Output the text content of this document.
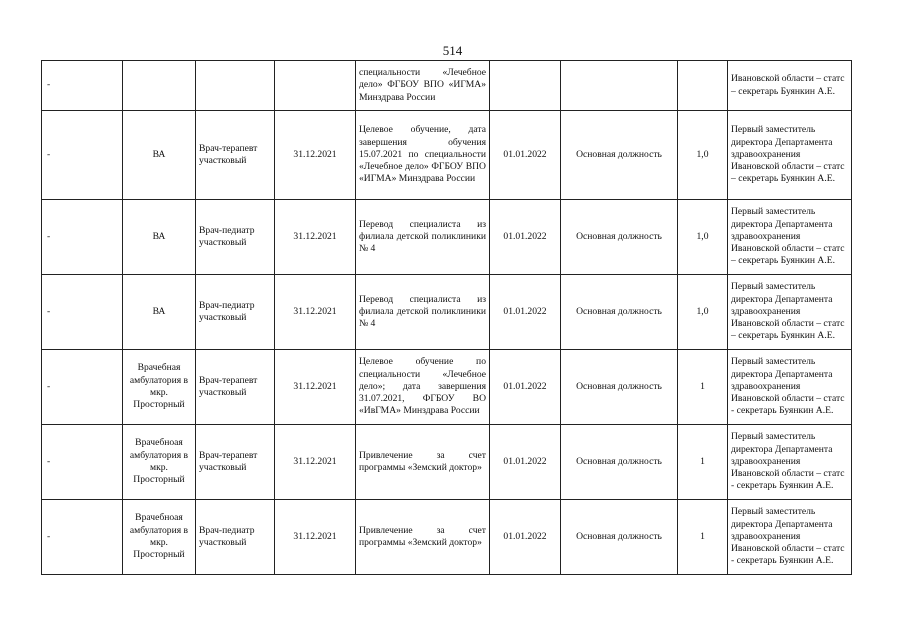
514
-				специальности «Лечебное дело» ФГБОУ ВПО «ИГМА» Минздрава России				Ивановской области – статс – секретарь Буянкин А.Е.

-	ВА	Врач-терапевт участковый	31.12.2021	Целевое обучение, дата завершения обучения 15.07.2021 по специальности «Лечебное дело» ФГБОУ ВПО «ИГМА» Минздрава России	01.01.2022	Основная должность	1,0	Первый заместитель директора Департамента здравоохранения Ивановской области – статс – секретарь Буянкин А.Е.

-	ВА	Врач-педиатр участковый	31.12.2021	Перевод специалиста из филиала детской поликлиники № 4	01.01.2022	Основная должность	1,0	Первый заместитель директора Департамента здравоохранения Ивановской области – статс – секретарь Буянкин А.Е.

-	ВА	Врач-педиатр участковый	31.12.2021	Перевод специалиста из филиала детской поликлиники № 4	01.01.2022	Основная должность	1,0	Первый заместитель директора Департамента здравоохранения Ивановской области – статс – секретарь Буянкин А.Е.

-	Врачебная амбулатория в мкр. Просторный	Врач-терапевт участковый	31.12.2021	Целевое обучение по специальности «Лечебное дело»; дата завершения 31.07.2021, ФГБОУ ВО «ИвГМА» Минздрава России	01.01.2022	Основная должность	1	Первый заместитель директора Департамента здравоохранения Ивановской области – статс - секретарь Буянкин А.Е.

-	Врачебноая амбулатория в мкр. Просторный	Врач-терапевт участковый	31.12.2021	Привлечение за счет программы «Земский доктор»	01.01.2022	Основная должность	1	Первый заместитель директора Департамента здравоохранения Ивановской области – статс - секретарь Буянкин А.Е.

-	Врачебноая амбулатория в мкр. Просторный	Врач-педиатр участковый	31.12.2021	Привлечение за счет программы «Земский доктор»	01.01.2022	Основная должность	1	Первый заместитель директора Департамента здравоохранения Ивановской области – статс - секретарь Буянкин А.Е.
